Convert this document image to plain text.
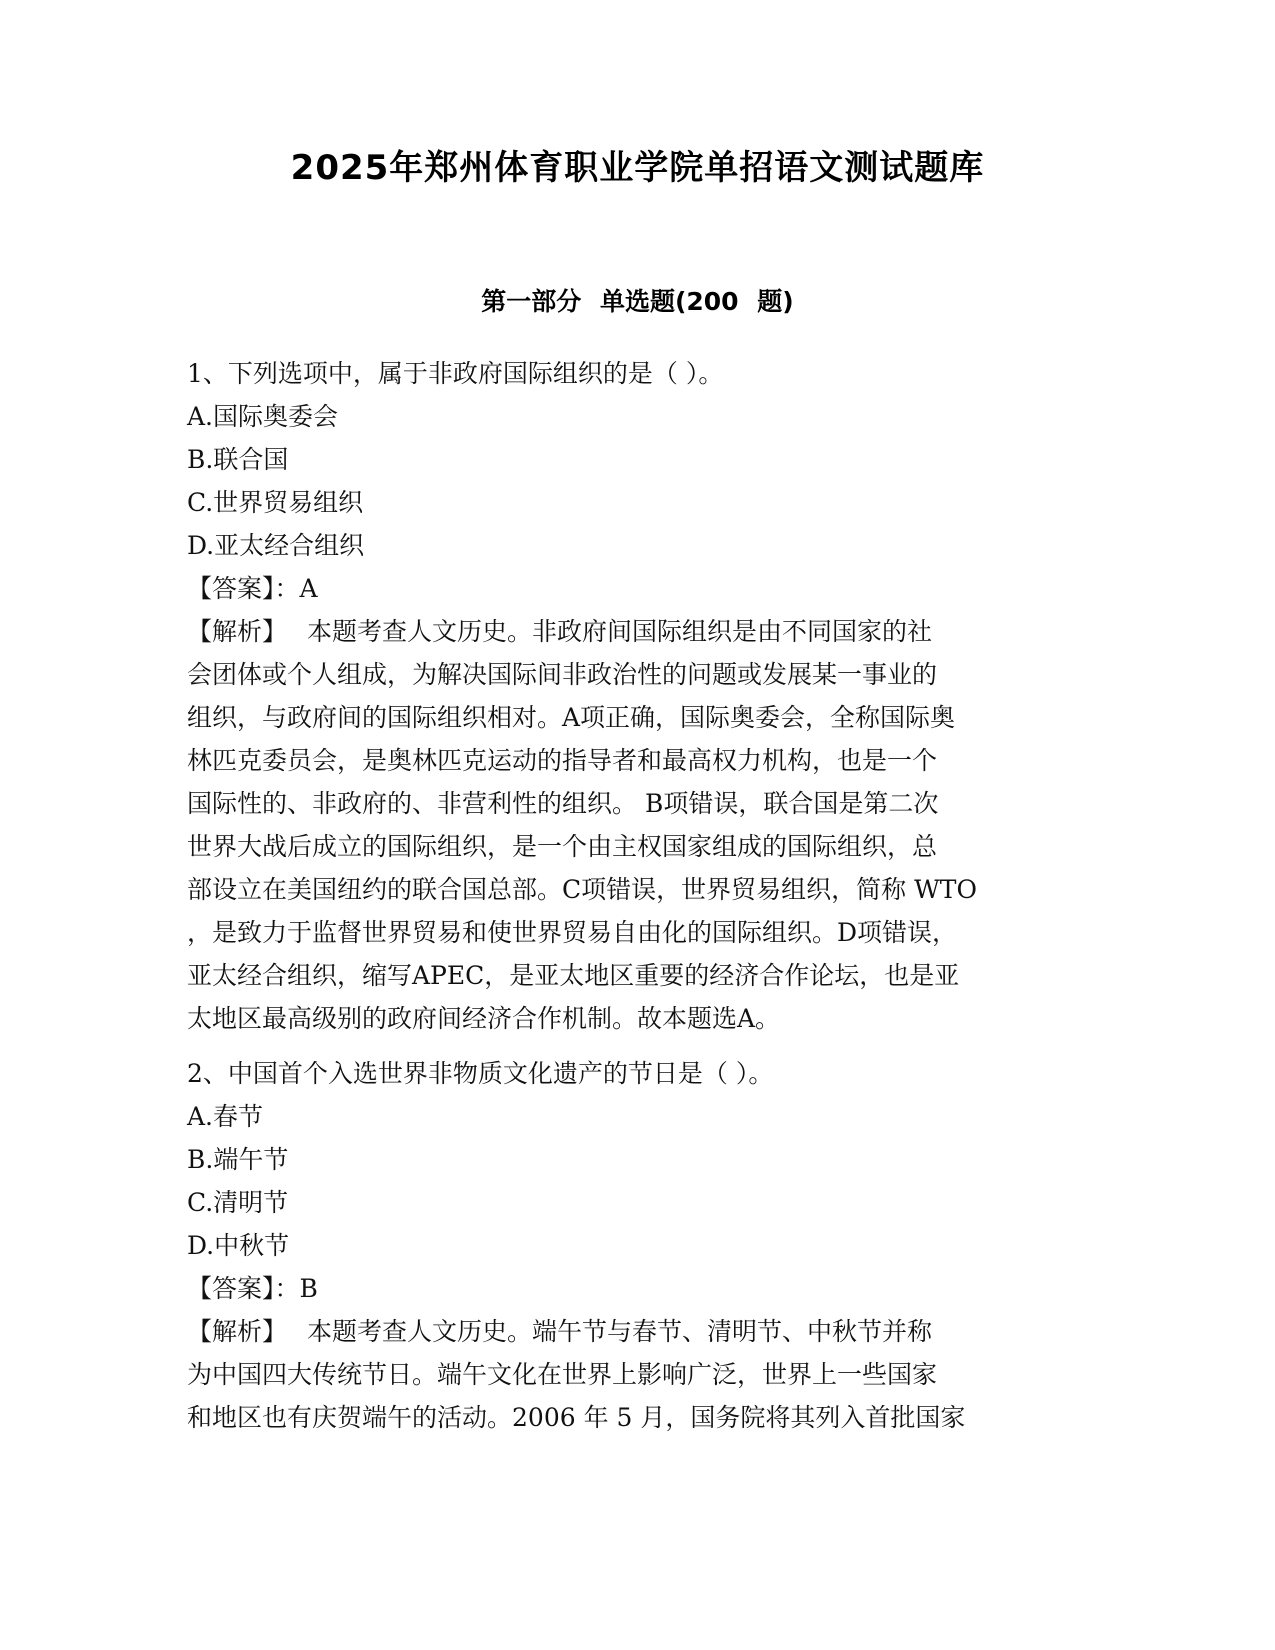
2025年郑州体育职业学院单招语文测试题库
第一部分 单选题(200 题)
1、下列选项中，属于非政府国际组织的是（ ）。
A.国际奥委会
B.联合国
C.世界贸易组织
D.亚太经合组织
【答案】：A
【解析】 本题考查人文历史。非政府间国际组织是由不同国家的社
会团体或个人组成，为解决国际间非政治性的问题或发展某一事业的
组织，与政府间的国际组织相对。A项正确，国际奥委会，全称国际奥
林匹克委员会，是奥林匹克运动的指导者和最高权力机构，也是一个
国际性的、非政府的、非营利性的组织。 B项错误，联合国是第二次
世界大战后成立的国际组织，是一个由主权国家组成的国际组织，总
部设立在美国纽约的联合国总部。C项错误，世界贸易组织，简称 WTO
，是致力于监督世界贸易和使世界贸易自由化的国际组织。D项错误，
亚太经合组织，缩写APEC，是亚太地区重要的经济合作论坛，也是亚
太地区最高级别的政府间经济合作机制。故本题选A。
2、中国首个入选世界非物质文化遗产的节日是（ ）。
A.春节
B.端午节
C.清明节
D.中秋节
【答案】：B
【解析】 本题考查人文历史。端午节与春节、清明节、中秋节并称
为中国四大传统节日。端午文化在世界上影响广泛，世界上一些国家
和地区也有庆贺端午的活动。2006 年 5 月，国务院将其列入首批国家
